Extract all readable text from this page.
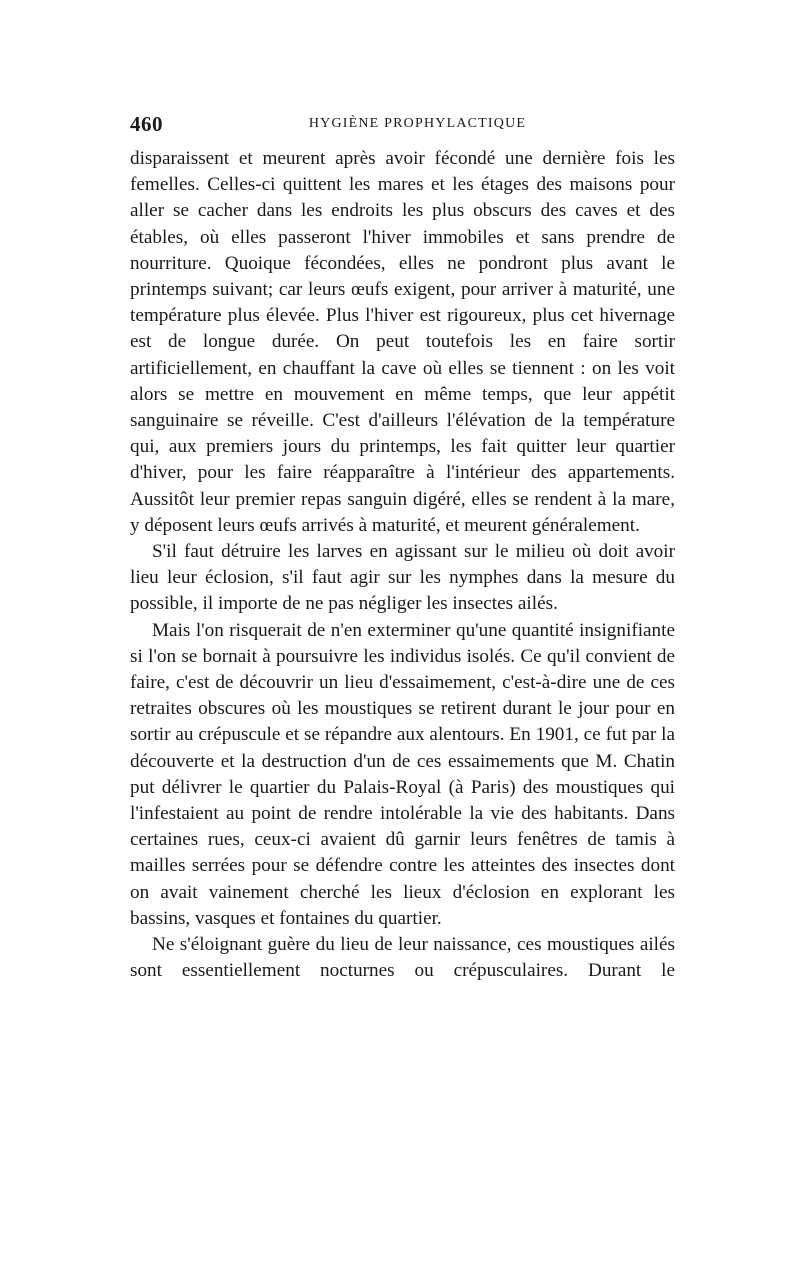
460	HYGIÈNE PROPHYLACTIQUE

disparaissent et meurent après avoir fécondé une dernière fois les femelles. Celles-ci quittent les mares et les étages des maisons pour aller se cacher dans les endroits les plus obscurs des caves et des étables, où elles passeront l'hiver immobiles et sans prendre de nourriture. Quoique fécondées, elles ne pondront plus avant le printemps suivant; car leurs œufs exigent, pour arriver à maturité, une température plus élevée. Plus l'hiver est rigoureux, plus cet hivernage est de longue durée. On peut toutefois les en faire sortir artificiellement, en chauffant la cave où elles se tiennent : on les voit alors se mettre en mouvement en même temps, que leur appétit sanguinaire se réveille. C'est d'ailleurs l'élévation de la température qui, aux premiers jours du printemps, les fait quitter leur quartier d'hiver, pour les faire réapparaître à l'intérieur des appartements. Aussitôt leur premier repas sanguin digéré, elles se rendent à la mare, y déposent leurs œufs arrivés à maturité, et meurent généralement.

S'il faut détruire les larves en agissant sur le milieu où doit avoir lieu leur éclosion, s'il faut agir sur les nymphes dans la mesure du possible, il importe de ne pas négliger les insectes ailés.

Mais l'on risquerait de n'en exterminer qu'une quantité insignifiante si l'on se bornait à poursuivre les individus isolés. Ce qu'il convient de faire, c'est de découvrir un lieu d'essaimement, c'est-à-dire une de ces retraites obscures où les moustiques se retirent durant le jour pour en sortir au crépuscule et se répandre aux alentours. En 1901, ce fut par la découverte et la destruction d'un de ces essaimements que M. Chatin put délivrer le quartier du Palais-Royal (à Paris) des moustiques qui l'infestaient au point de rendre intolérable la vie des habitants. Dans certaines rues, ceux-ci avaient dû garnir leurs fenêtres de tamis à mailles serrées pour se défendre contre les atteintes des insectes dont on avait vainement cherché les lieux d'éclosion en explorant les bassins, vasques et fontaines du quartier.

Ne s'éloignant guère du lieu de leur naissance, ces moustiques ailés sont essentiellement nocturnes ou crépusculaires. Durant le
